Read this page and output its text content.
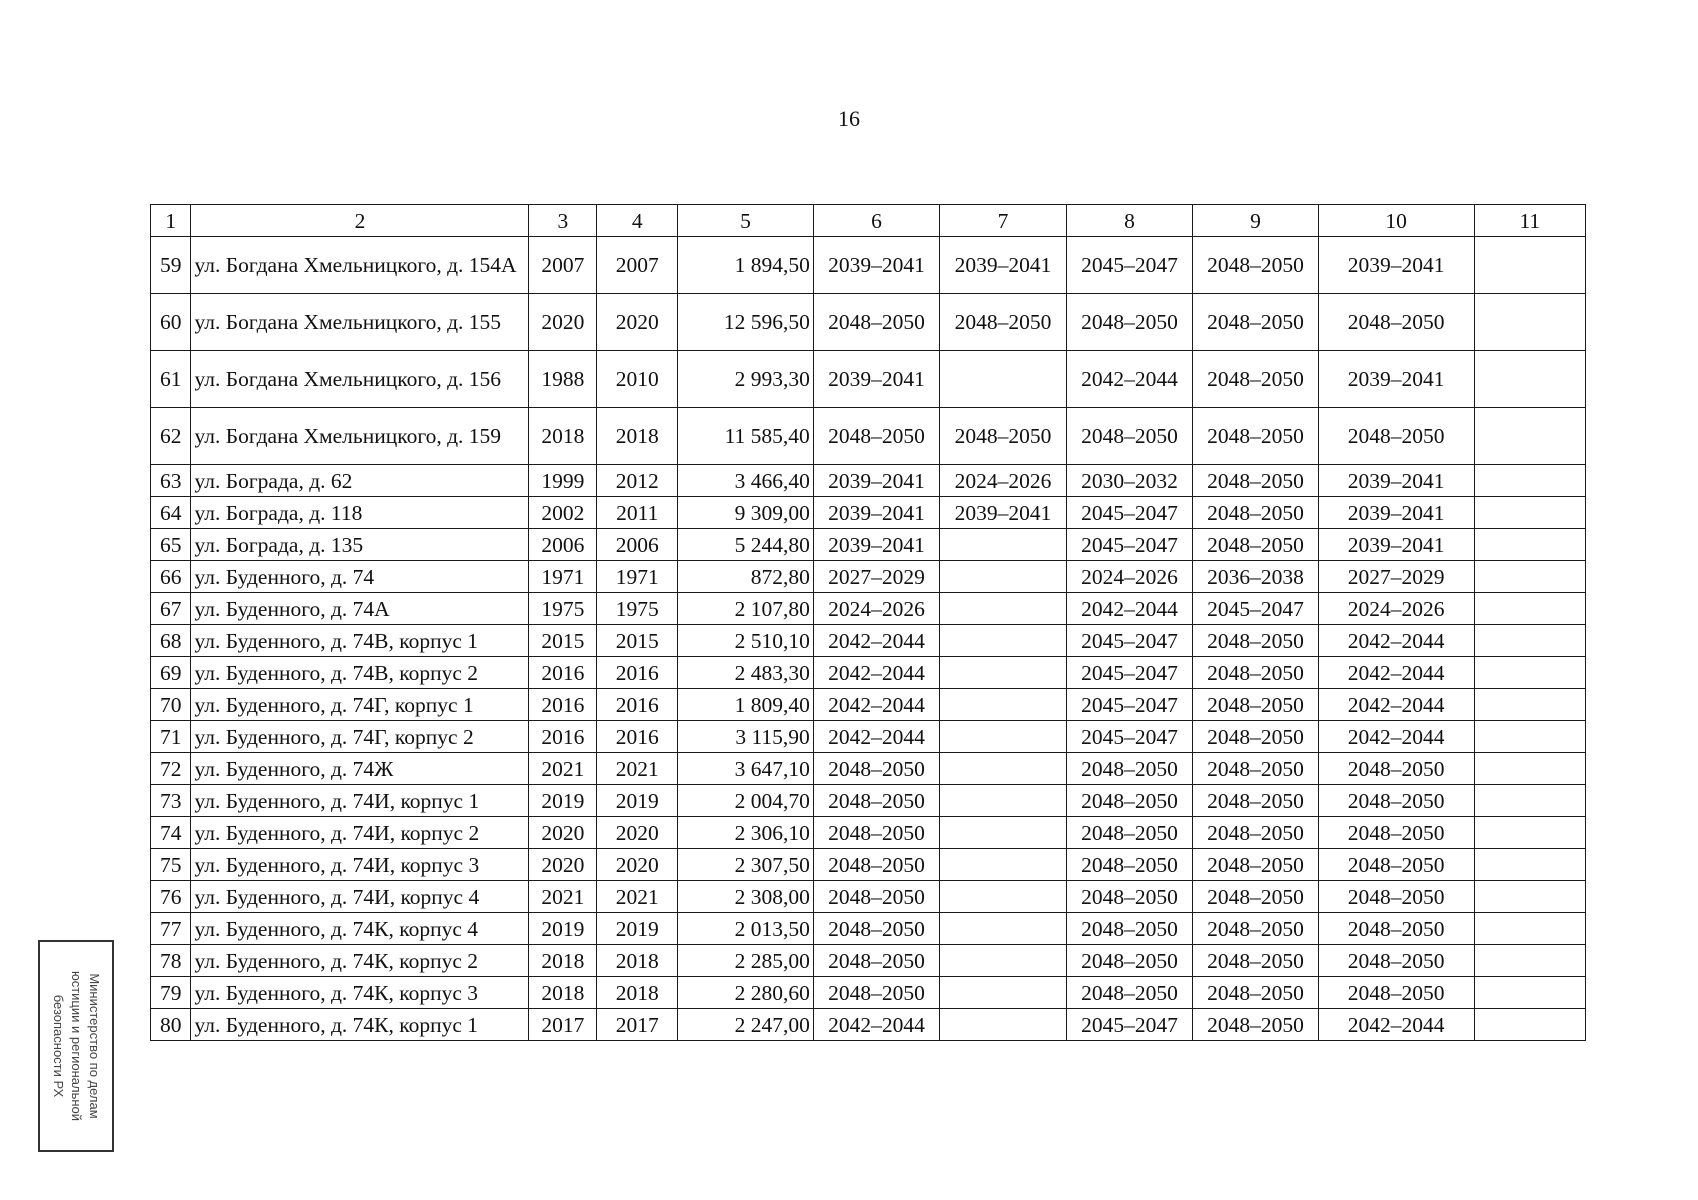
16
1	2	3	4	5	6	7	8	9	10	11
59	ул. Богдана Хмельницкого, д. 154А	2007	2007	1 894,50	2039–2041	2039–2041	2045–2047	2048–2050	2039–2041	
60	ул. Богдана Хмельницкого, д. 155	2020	2020	12 596,50	2048–2050	2048–2050	2048–2050	2048–2050	2048–2050	
61	ул. Богдана Хмельницкого, д. 156	1988	2010	2 993,30	2039–2041		2042–2044	2048–2050	2039–2041	
62	ул. Богдана Хмельницкого, д. 159	2018	2018	11 585,40	2048–2050	2048–2050	2048–2050	2048–2050	2048–2050	
63	ул. Бограда, д. 62	1999	2012	3 466,40	2039–2041	2024–2026	2030–2032	2048–2050	2039–2041	
64	ул. Бограда, д. 118	2002	2011	9 309,00	2039–2041	2039–2041	2045–2047	2048–2050	2039–2041	
65	ул. Бограда, д. 135	2006	2006	5 244,80	2039–2041		2045–2047	2048–2050	2039–2041	
66	ул. Буденного, д. 74	1971	1971	872,80	2027–2029		2024–2026	2036–2038	2027–2029	
67	ул. Буденного, д. 74А	1975	1975	2 107,80	2024–2026		2042–2044	2045–2047	2024–2026	
68	ул. Буденного, д. 74В, корпус 1	2015	2015	2 510,10	2042–2044		2045–2047	2048–2050	2042–2044	
69	ул. Буденного, д. 74В, корпус 2	2016	2016	2 483,30	2042–2044		2045–2047	2048–2050	2042–2044	
70	ул. Буденного, д. 74Г, корпус 1	2016	2016	1 809,40	2042–2044		2045–2047	2048–2050	2042–2044	
71	ул. Буденного, д. 74Г, корпус 2	2016	2016	3 115,90	2042–2044		2045–2047	2048–2050	2042–2044	
72	ул. Буденного, д. 74Ж	2021	2021	3 647,10	2048–2050		2048–2050	2048–2050	2048–2050	
73	ул. Буденного, д. 74И, корпус 1	2019	2019	2 004,70	2048–2050		2048–2050	2048–2050	2048–2050	
74	ул. Буденного, д. 74И, корпус 2	2020	2020	2 306,10	2048–2050		2048–2050	2048–2050	2048–2050	
75	ул. Буденного, д. 74И, корпус 3	2020	2020	2 307,50	2048–2050		2048–2050	2048–2050	2048–2050	
76	ул. Буденного, д. 74И, корпус 4	2021	2021	2 308,00	2048–2050		2048–2050	2048–2050	2048–2050	
77	ул. Буденного, д. 74К, корпус 4	2019	2019	2 013,50	2048–2050		2048–2050	2048–2050	2048–2050	
78	ул. Буденного, д. 74К, корпус 2	2018	2018	2 285,00	2048–2050		2048–2050	2048–2050	2048–2050	
79	ул. Буденного, д. 74К, корпус 3	2018	2018	2 280,60	2048–2050		2048–2050	2048–2050	2048–2050	
80	ул. Буденного, д. 74К, корпус 1	2017	2017	2 247,00	2042–2044		2045–2047	2048–2050	2042–2044	
Министерство по делам
юстиции и региональной
безопасности РХ
